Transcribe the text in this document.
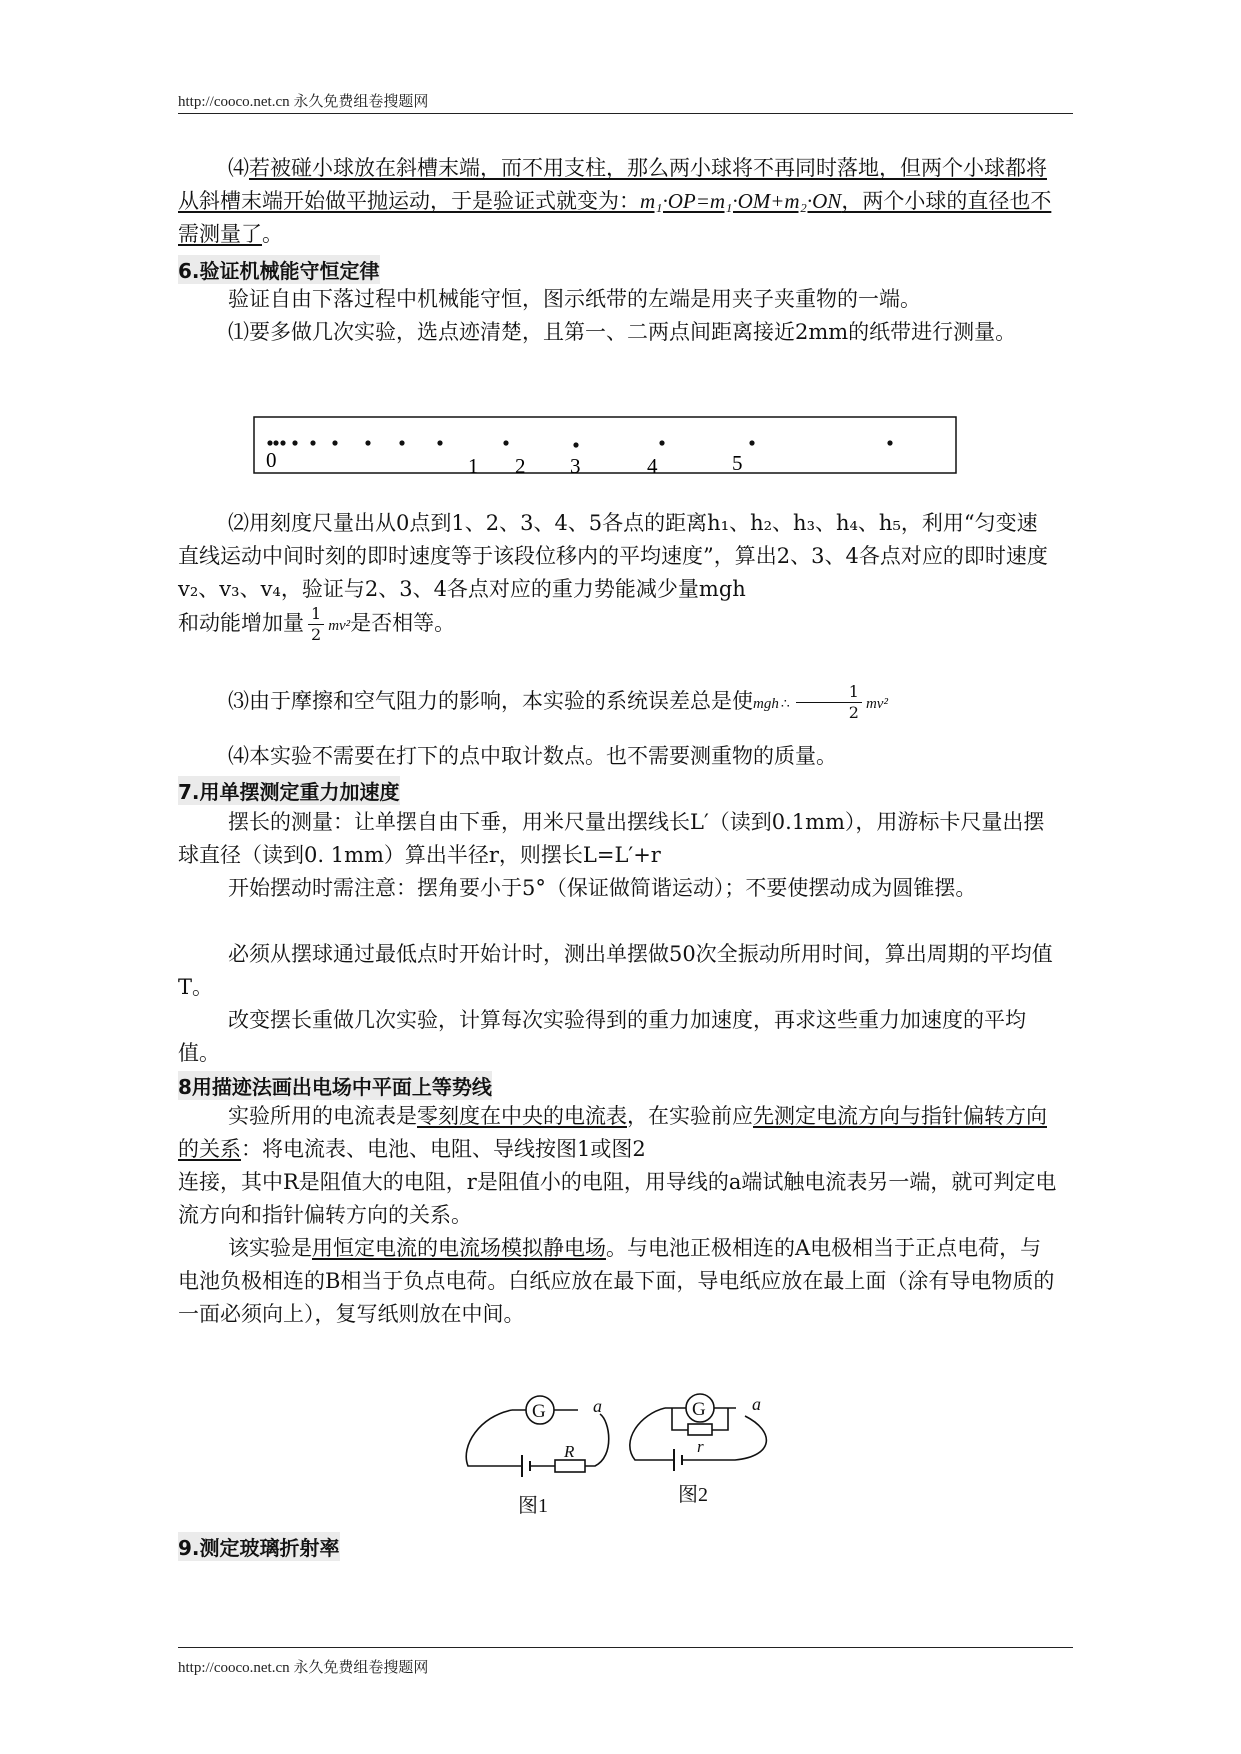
http://cooco.net.cn 永久免费组卷搜题网

⑷若被碰小球放在斜槽末端，而不用支柱，那么两小球将不再同时落地，但两个小球都将从斜槽末端开始做平抛运动，于是验证式就变为：m₁·OP=m₁·OM+m₂·ON，两个小球的直径也不需测量了。

6.验证机械能守恒定律

验证自由下落过程中机械能守恒，图示纸带的左端是用夹子夹重物的一端。

⑴要多做几次实验，选点迹清楚，且第一、二两点间距离接近2mm的纸带进行测量。

0	1 2 3	4	5

⑵用刻度尺量出从0点到1、2、3、4、5各点的距离h₁、h₂、h₃、h₄、h₅，利用“匀变速直线运动中间时刻的即时速度等于该段位移内的平均速度”，算出2、3、4各点对应的即时速度v₂、v₃、v₄，验证与2、3、4各点对应的重力势能减少量mgh

和动能增加量 $\frac{1}{2} mv^2$是否相等。
⑶由于摩擦和空气阻力的影响，本实验的系统误差总是使mgh ∴ $\frac{1}{2} mv^2$

⑷本实验不需要在打下的点中取计数点。也不需要测重物的质量。

7.用单摆测定重力加速度

摆长的测量：让单摆自由下垂，用米尺量出摆线长L′（读到0.1mm），用游标卡尺量出摆球直径（读到0. 1mm）算出半径r，则摆长L=L′+r

开始摆动时需注意：摆角要小于5°（保证做简谐运动）；不要使摆动成为圆锥摆。

必须从摆球通过最低点时开始计时，测出单摆做50次全振动所用时间，算出周期的平均值T。

改变摆长重做几次实验，计算每次实验得到的重力加速度，再求这些重力加速度的平均值。

8用描迹法画出电场中平面上等势线

实验所用的电流表是零刻度在中央的电流表，在实验前应先测定电流方向与指针偏转方向的关系：将电流表、电池、电阻、导线按图1或图2

连接，其中R是阻值大的电阻，r是阻值小的电阻，用导线的a端试触电流表另一端，就可判定电流方向和指针偏转方向的关系。

该实验是用恒定电流的电流场模拟静电场。与电池正极相连的A电极相当于正点电荷，与电池负极相连的B相当于负点电荷。白纸应放在最下面，导电纸应放在最上面（涂有导电物质的一面必须向上），复写纸则放在中间。

G
R
a
图1
G
r
a
图2
9.测定玻璃折射率
http://cooco.net.cn 永久免费组卷搜题网
